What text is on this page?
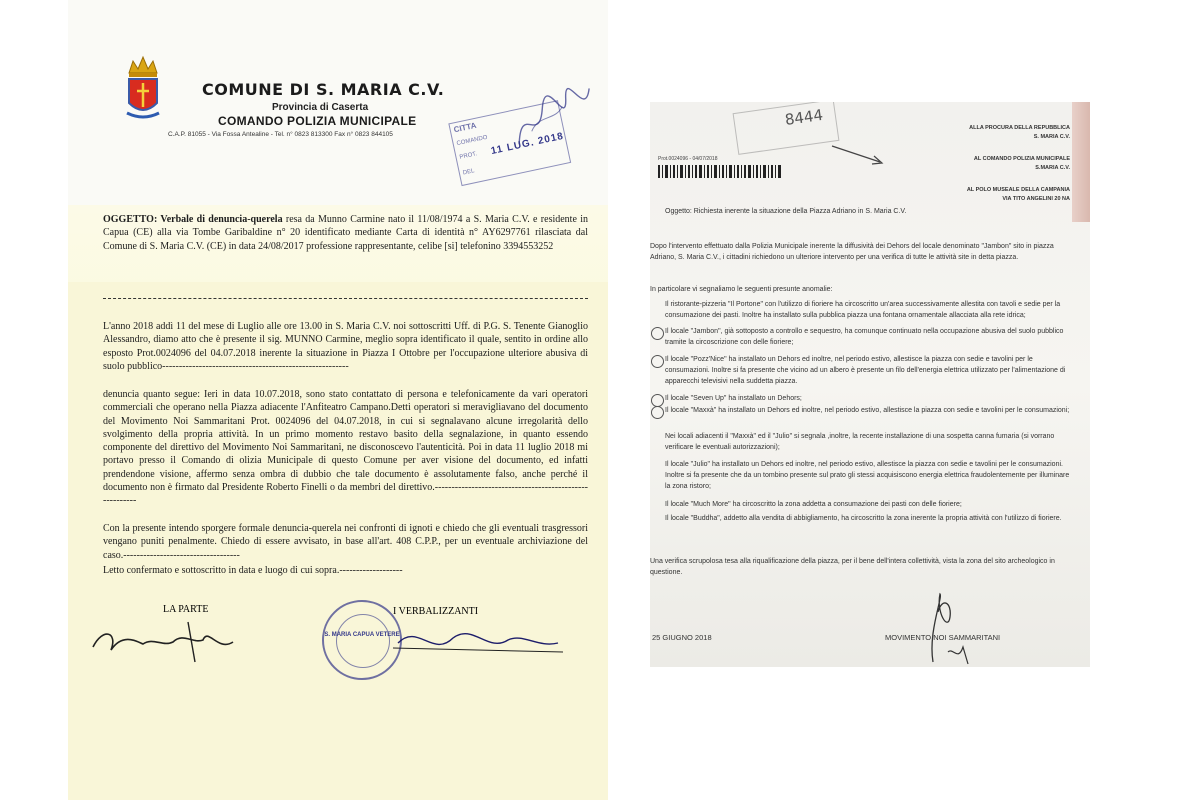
COMUNE DI S. MARIA C.V.
Provincia di Caserta
COMANDO POLIZIA MUNICIPALE
C.A.P. 81055 - Via Fossa Antealine - Tel. n° 0823 813300 Fax n° 0823 844105
CITTA
COMANDO
PROT. 11 LUG. 2018
DEL
OGGETTO: Verbale di denuncia-querela resa da Munno Carmine nato il 11/08/1974 a S. Maria C.V. e residente in Capua (CE) alla via Tombe Garibaldine n° 20 identificato mediante Carta di identità n° AY6297761 rilasciata dal Comune di S. Maria C.V. (CE) in data 24/08/2017 professione rappresentante, celibe [si] telefonino 3394553252
L'anno 2018 addì 11 del mese di Luglio alle ore 13.00 in S. Maria C.V. noi sottoscritti Uff. di P.G. S. Tenente Gianoglio Alessandro, diamo atto che è presente il sig. MUNNO Carmine, meglio sopra identificato il quale, sentito in ordine allo esposto Prot.0024096 del 04.07.2018 inerente la situazione in Piazza I Ottobre per l'occupazione ulteriore abusiva di suolo pubblico--------------------------------------------------------
denuncia quanto segue: Ieri in data 10.07.2018, sono stato contattato di persona e telefonicamente da vari operatori commerciali che operano nella Piazza adiacente l'Anfiteatro Campano.Detti operatori si meravigliavano del documento del Movimento Noi Sammaritani Prot. 0024096 del 04.07.2018, in cui si segnalavano alcune irregolarità dello svolgimento della propria attività. In un primo momento restavo basito della segnalazione, in quanto essendo componente del direttivo del Movimento Noi Sammaritani, ne disconoscevo l'autenticità. Poi in data 11 luglio 2018 mi portavo presso il Comando di olizia Municipale di questo Comune per aver visione del documento, ed infatti prendendone visione, affermo senza ombra di dubbio che tale documento è assolutamente falso, anche perché il documento non è firmato dal Presidente Roberto Finelli o da membri del direttivo.--------------------------------------------------------
Con la presente intendo sporgere formale denuncia-querela nei confronti di ignoti e chiedo che gli eventuali trasgressori vengano puniti penalmente. Chiedo di essere avvisato, in base all'art. 408 C.P.P., per un eventuale archiviazione del caso.-----------------------------------
Letto confermato e sottoscritto in data e luogo di cui sopra.-------------------
LA PARTE
S. MARIA CAPUA VETERE
I VERBALIZZANTI
8444
Prot.0024096 - 04/07/2018
ALLA PROCURA DELLA REPUBBLICA
S. MARIA C.V.
AL COMANDO POLIZIA MUNICIPALE
S.MARIA C.V.
AL POLO MUSEALE DELLA CAMPANIA
VIA TITO ANGELINI 20 NA
Oggetto: Richiesta inerente la situazione della Piazza Adriano in S. Maria C.V.
Dopo l'intervento effettuato dalla Polizia Municipale inerente la diffusività dei Dehors del locale denominato "Jambon" sito in piazza Adriano, S. Maria C.V., i cittadini richiedono un ulteriore intervento per una verifica di tutte le attività site in detta piazza.
In particolare vi segnaliamo le seguenti presunte anomalie:
Il ristorante-pizzeria "Il Portone" con l'utilizzo di fioriere ha circoscritto un'area successivamente allestita con tavoli e sedie per la consumazione dei pasti. Inoltre ha installato sulla pubblica piazza una fontana ornamentale allacciata alla rete idrica;
Il locale "Jambon", già sottoposto a controllo e sequestro, ha comunque continuato nella occupazione abusiva del suolo pubblico tramite la circoscrizione con delle fioriere;
Il locale "Pozz'Nice" ha installato un Dehors ed inoltre, nel periodo estivo, allestisce la piazza con sedie e tavolini per le consumazioni. Inoltre si fa presente che vicino ad un albero è presente un filo dell'energia elettrica utilizzato per l'alimentazione di apparecchi televisivi nella suddetta piazza.
Il locale "Seven Up" ha installato un Dehors;
Il locale "Maxxà" ha installato un Dehors ed inoltre, nel periodo estivo, allestisce la piazza con sedie e tavolini per le consumazioni;
Nei locali adiacenti il "Maxxà" ed il "Julio" si segnala ,inoltre, la recente installazione di una sospetta canna fumaria (si vorrano verificare le eventuali autorizzazioni);
Il locale "Julio" ha installato un Dehors ed inoltre, nel periodo estivo, allestisce la piazza con sedie e tavolini per le consumazioni. Inoltre si fa presente che da un tombino presente sul prato gli stessi acquisiscono energia elettrica fraudolentemente per illuminare la zona ristoro;
Il locale "Much More" ha circoscritto la zona addetta a consumazione dei pasti con delle fioriere;
Il locale "Buddha", addetto alla vendita di abbigliamento, ha circoscritto la zona inerente la propria attività con l'utilizzo di fioriere.
Una verifica scrupolosa tesa alla riqualificazione della piazza, per il bene dell'intera collettività, vista la zona del sito archeologico in questione.
25 GIUGNO 2018	MOVIMENTO NOI SAMMARITANI
